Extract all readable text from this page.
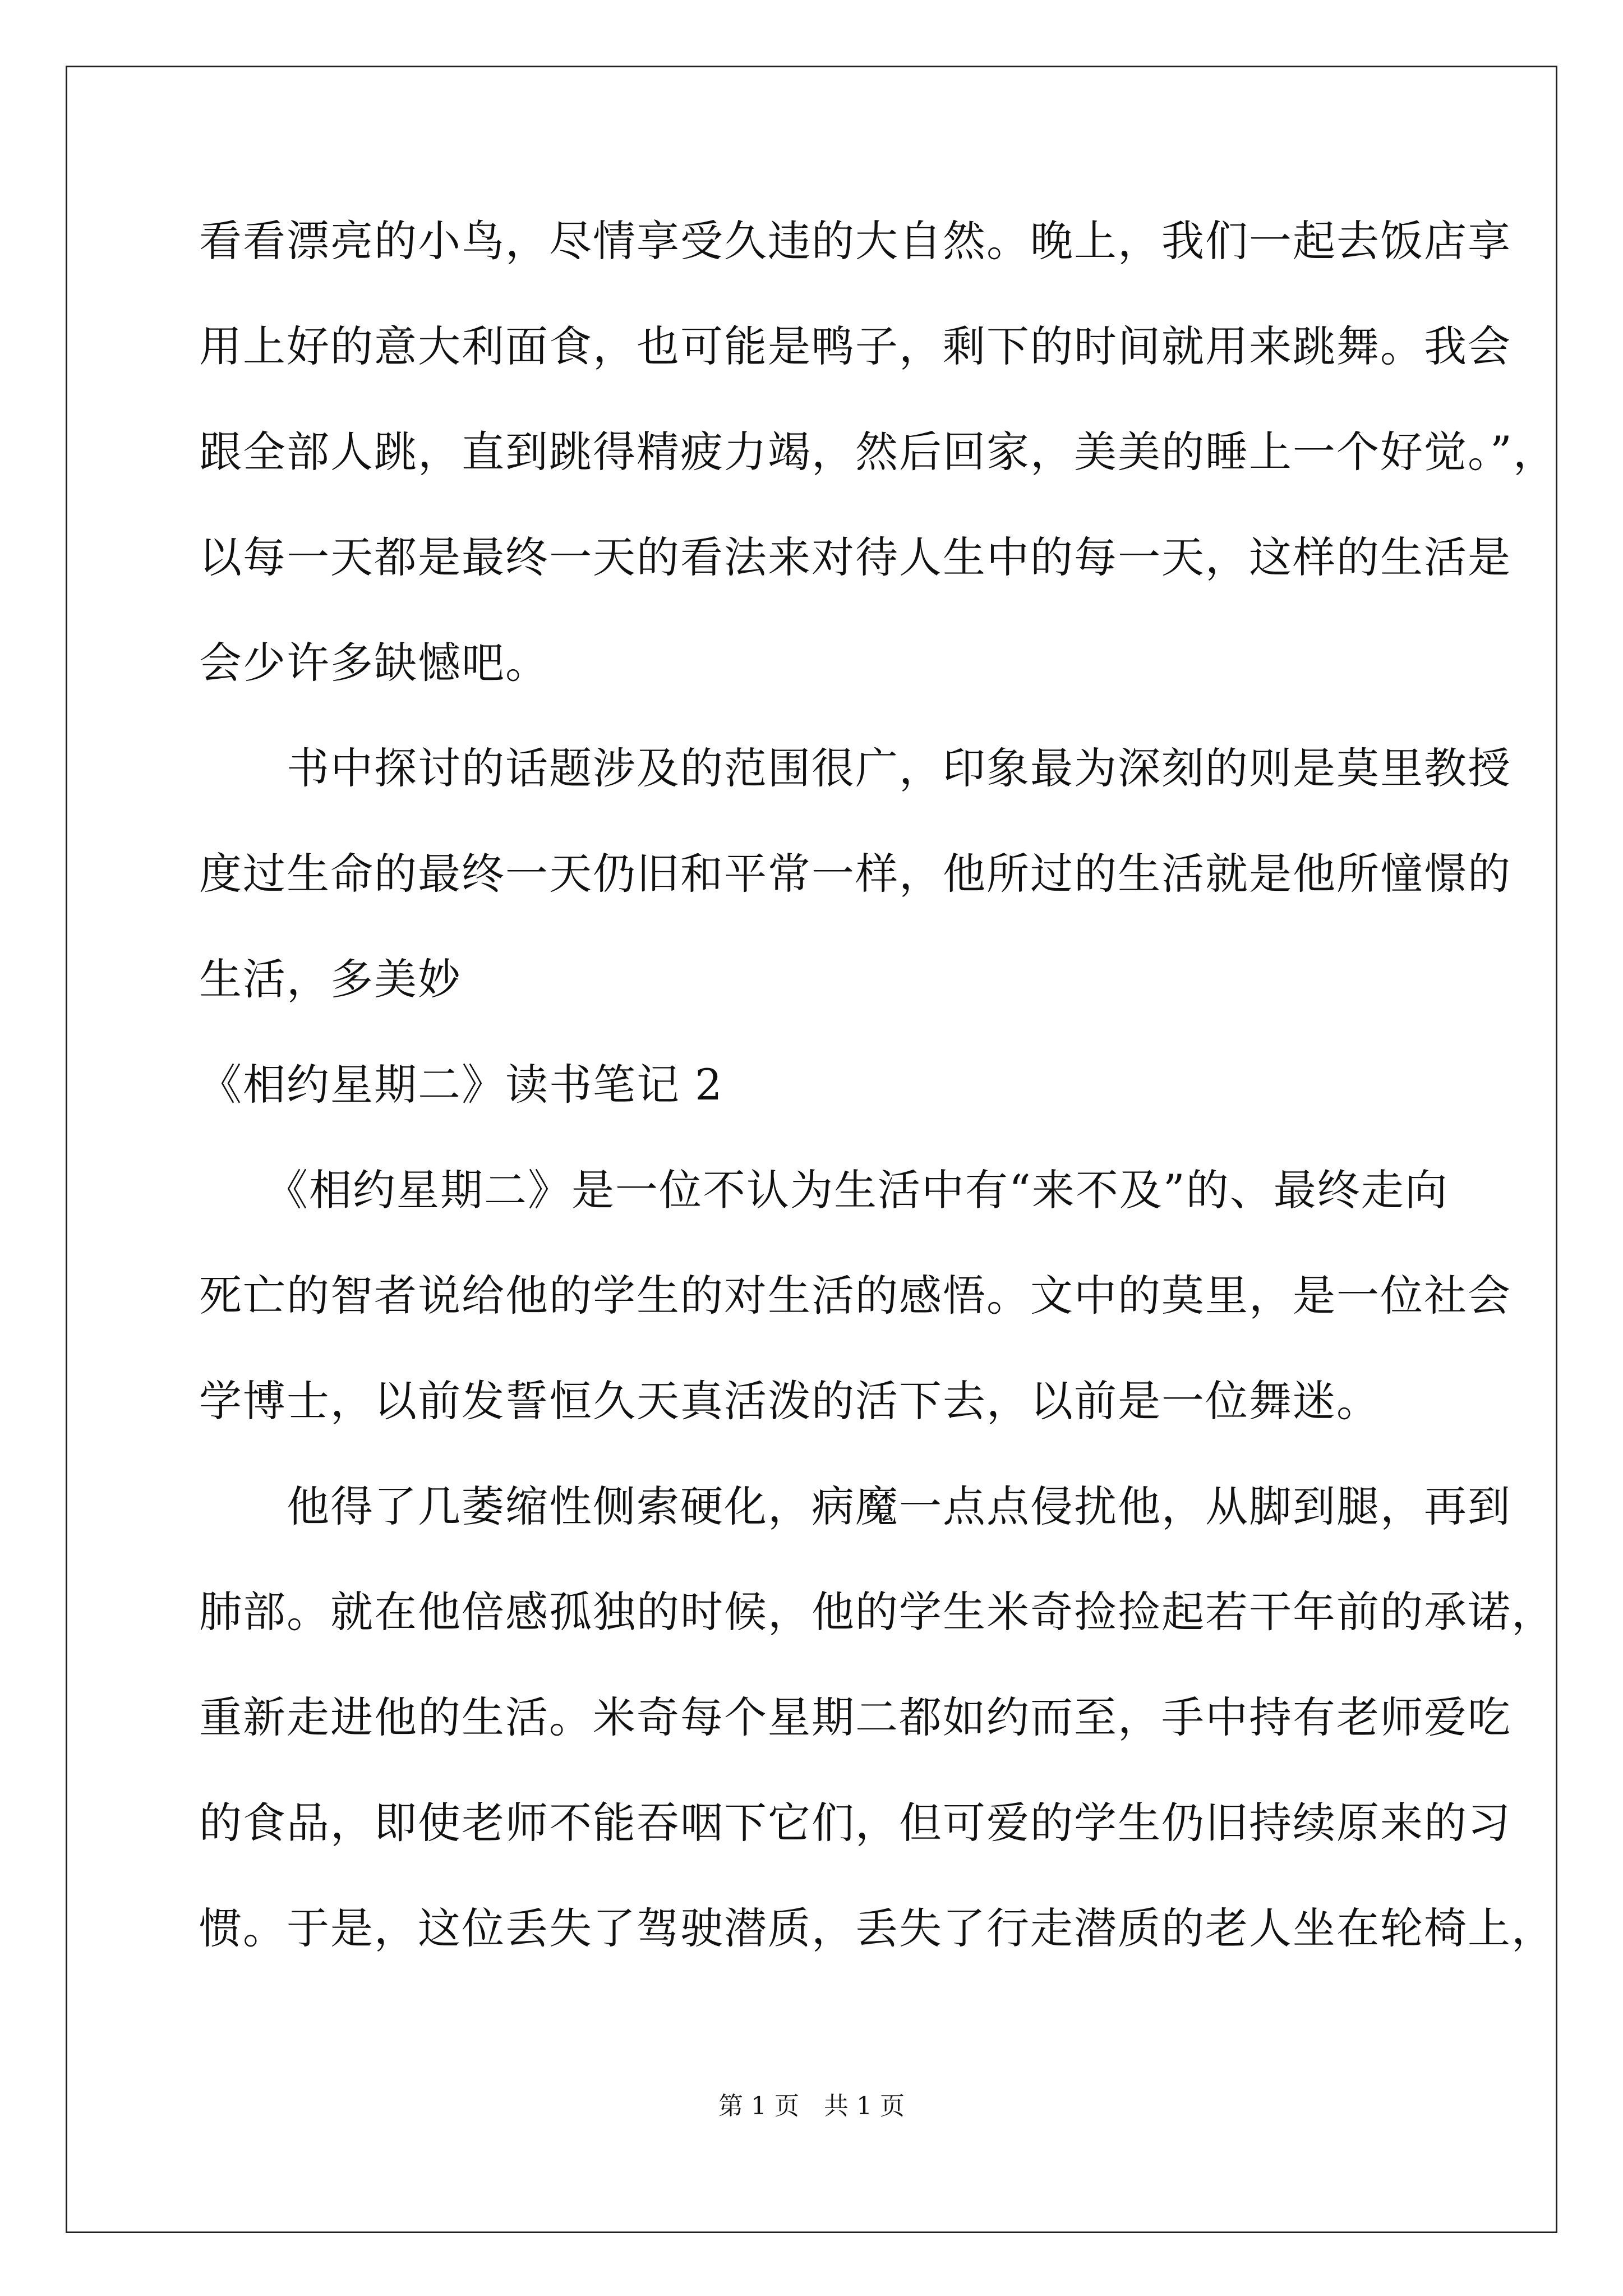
看看漂亮的小鸟，尽情享受久违的大自然。晚上，我们一起去饭店享
用上好的意大利面食，也可能是鸭子，剩下的时间就用来跳舞。我会
跟全部人跳，直到跳得精疲力竭，然后回家，美美的睡上一个好觉。”，
以每一天都是最终一天的看法来对待人生中的每一天，这样的生活是
会少许多缺憾吧。
　　书中探讨的话题涉及的范围很广，印象最为深刻的则是莫里教授
度过生命的最终一天仍旧和平常一样，他所过的生活就是他所憧憬的
生活，多美妙
《相约星期二》读书笔记 2
　　《相约星期二》是一位不认为生活中有“来不及”的、最终走向
死亡的智者说给他的学生的对生活的感悟。文中的莫里，是一位社会
学博士，以前发誓恒久天真活泼的活下去，以前是一位舞迷。
　　他得了几萎缩性侧索硬化，病魔一点点侵扰他，从脚到腿，再到
肺部。就在他倍感孤独的时候，他的学生米奇捡捡起若干年前的承诺，
重新走进他的生活。米奇每个星期二都如约而至，手中持有老师爱吃
的食品，即使老师不能吞咽下它们，但可爱的学生仍旧持续原来的习
惯。于是，这位丢失了驾驶潜质，丢失了行走潜质的老人坐在轮椅上，
第 1 页　共 1 页
